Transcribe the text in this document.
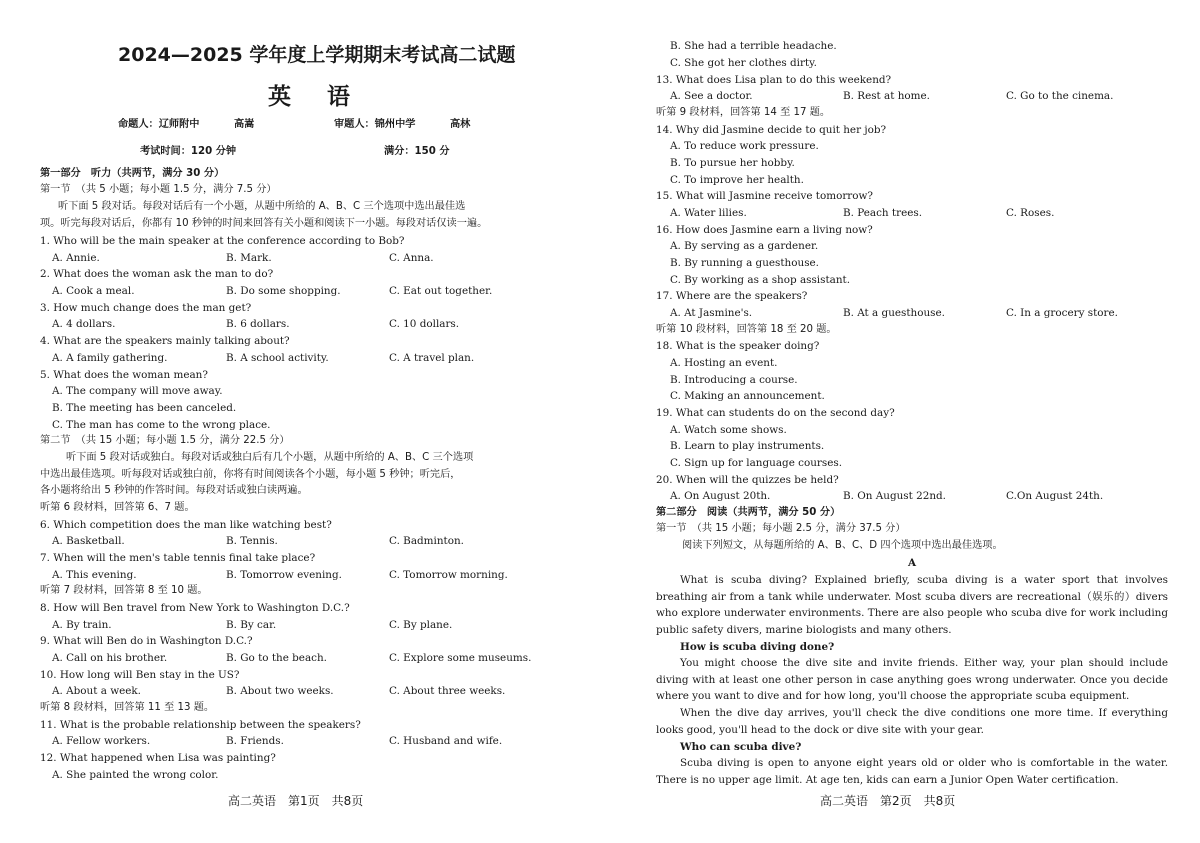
2024—2025 学年度上学期期末考试高二试题
英 语
命题人：辽师附中	高嵩	审题人：锦州中学	高林
考试时间：120 分钟	满分：150 分
第一部分　听力（共两节，满分 30 分）
第一节　（共 5 小题；每小题 1.5 分，满分 7.5 分）
听下面 5 段对话。每段对话后有一个小题，从题中所给的 A、B、C 三个选项中选出最佳选
项。听完每段对话后，你都有 10 秒钟的时间来回答有关小题和阅读下一小题。每段对话仅读一遍。
1. Who will be the main speaker at the conference according to Bob?
A. Annie.	B. Mark.	C. Anna.
2. What does the woman ask the man to do?
A. Cook a meal.	B. Do some shopping.	C. Eat out together.
3. How much change does the man get?
A. 4 dollars.	B. 6 dollars.	C. 10 dollars.
4. What are the speakers mainly talking about?
A. A family gathering.	B. A school activity.	C. A travel plan.
5. What does the woman mean?
A. The company will move away.
B. The meeting has been canceled.
C. The man has come to the wrong place.
第二节　（共 15 小题；每小题 1.5 分，满分 22.5 分）
听下面 5 段对话或独白。每段对话或独白后有几个小题，从题中所给的 A、B、C 三个选项
中选出最佳选项。听每段对话或独白前，你将有时间阅读各个小题，每小题 5 秒钟；听完后，
各小题将给出 5 秒钟的作答时间。每段对话或独白读两遍。
听第 6 段材料，回答第 6、7 题。
6. Which competition does the man like watching best?
A. Basketball.	B. Tennis.	C. Badminton.
7. When will the men's table tennis final take place?
A. This evening.	B. Tomorrow evening.	C. Tomorrow morning.
听第 7 段材料，回答第 8 至 10 题。
8. How will Ben travel from New York to Washington D.C.?
A. By train.	B. By car.	C. By plane.
9. What will Ben do in Washington D.C.?
A. Call on his brother.	B. Go to the beach.	C. Explore some museums.
10. How long will Ben stay in the US?
A. About a week.	B. About two weeks.	C. About three weeks.
听第 8 段材料，回答第 11 至 13 题。
11. What is the probable relationship between the speakers?
A. Fellow workers.	B. Friends.	C. Husband and wife.
12. What happened when Lisa was painting?
A. She painted the wrong color.
高二英语　第1页　共8页
B. She had a terrible headache.
C. She got her clothes dirty.
13. What does Lisa plan to do this weekend?
A. See a doctor.	B. Rest at home.	C. Go to the cinema.
听第 9 段材料，回答第 14 至 17 题。
14. Why did Jasmine decide to quit her job?
A. To reduce work pressure.
B. To pursue her hobby.
C. To improve her health.
15. What will Jasmine receive tomorrow?
A. Water lilies.	B. Peach trees.	C. Roses.
16. How does Jasmine earn a living now?
A. By serving as a gardener.
B. By running a guesthouse.
C. By working as a shop assistant.
17. Where are the speakers?
A. At Jasmine's.	B. At a guesthouse.	C. In a grocery store.
听第 10 段材料，回答第 18 至 20 题。
18. What is the speaker doing?
A. Hosting an event.
B. Introducing a course.
C. Making an announcement.
19. What can students do on the second day?
A. Watch some shows.
B. Learn to play instruments.
C. Sign up for language courses.
20. When will the quizzes be held?
A. On August 20th.	B. On August 22nd.	C.On August 24th.
第二部分　阅读（共两节，满分 50 分）
第一节　（共 15 小题；每小题 2.5 分，满分 37.5 分）
阅读下列短文，从每题所给的 A、B、C、D 四个选项中选出最佳选项。
A
What is scuba diving? Explained briefly, scuba diving is a water sport that involves breathing air from a tank while underwater. Most scuba divers are recreational（娱乐的）divers who explore underwater environments. There are also people who scuba dive for work including public safety divers, marine biologists and many others.
How is scuba diving done?
You might choose the dive site and invite friends. Either way, your plan should include diving with at least one other person in case anything goes wrong underwater. Once you decide where you want to dive and for how long, you'll choose the appropriate scuba equipment.
When the dive day arrives, you'll check the dive conditions one more time. If everything looks good, you'll head to the dock or dive site with your gear.
Who can scuba dive?
Scuba diving is open to anyone eight years old or older who is comfortable in the water. There is no upper age limit. At age ten, kids can earn a Junior Open Water certification.
高二英语　第2页　共8页
